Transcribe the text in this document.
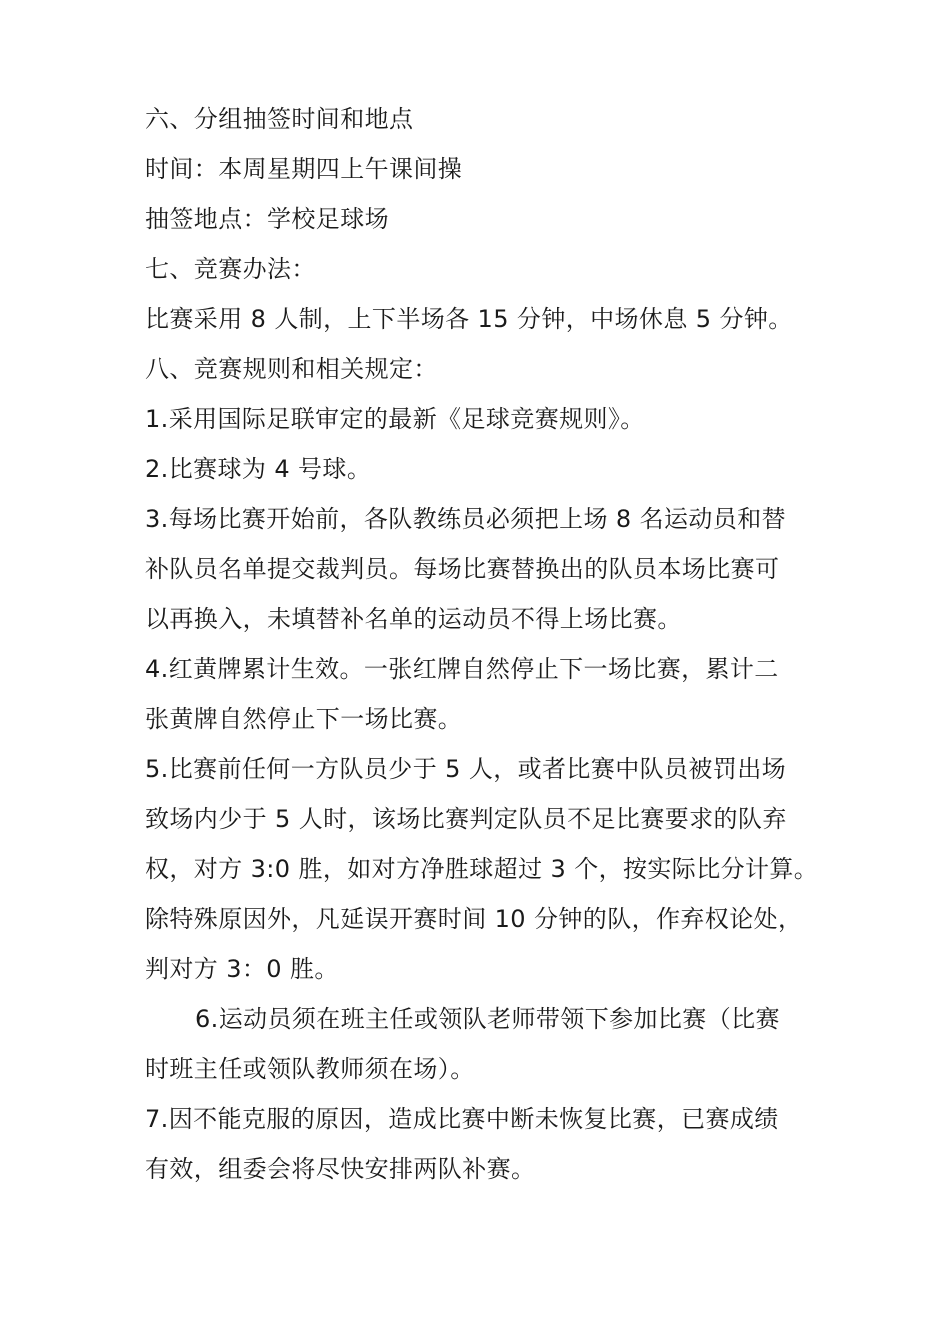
六、分组抽签时间和地点

时间：本周星期四上午课间操

抽签地点：学校足球场

七、竞赛办法：

比赛采用 8 人制，上下半场各 15 分钟，中场休息 5 分钟。

八、竞赛规则和相关规定：

1.采用国际足联审定的最新《足球竞赛规则》。

2.比赛球为 4 号球。

3.每场比赛开始前，各队教练员必须把上场 8 名运动员和替

补队员名单提交裁判员。每场比赛替换出的队员本场比赛可

以再换入，未填替补名单的运动员不得上场比赛。

4.红黄牌累计生效。一张红牌自然停止下一场比赛，累计二

张黄牌自然停止下一场比赛。

5.比赛前任何一方队员少于 5 人，或者比赛中队员被罚出场

致场内少于 5 人时，该场比赛判定队员不足比赛要求的队弃

权，对方 3:0 胜，如对方净胜球超过 3 个，按实际比分计算。

除特殊原因外，凡延误开赛时间 10 分钟的队，作弃权论处，

判对方 3：0 胜。

6.运动员须在班主任或领队老师带领下参加比赛（比赛

时班主任或领队教师须在场）。

7.因不能克服的原因，造成比赛中断未恢复比赛，已赛成绩

有效，组委会将尽快安排两队补赛。
